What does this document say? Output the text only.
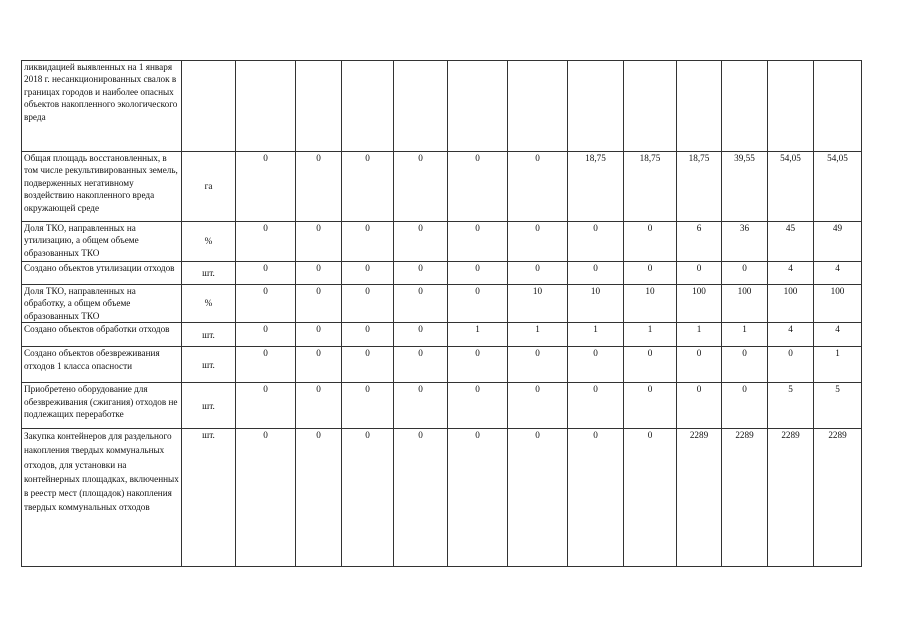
ликвидацией выявленных на 1 января 2018 г. несанкционированных свалок в границах городов и наиболее опасных объектов накопленного экологического вреда													
Общая площадь восстановленных, в том числе рекультивированных земель, подверженных негативному воздействию накопленного вреда окружающей среде	га	0	0	0	0	0	0	18,75	18,75	18,75	39,55	54,05	54,05
Доля ТКО, направленных на утилизацию, а общем объеме образованных ТКО	%	0	0	0	0	0	0	0	0	6	36	45	49
Создано объектов утилизации отходов	шт.	0	0	0	0	0	0	0	0	0	0	4	4
Доля ТКО, направленных на обработку, а общем объеме образованных ТКО	%	0	0	0	0	0	10	10	10	100	100	100	100
Создано объектов обработки отходов	шт.	0	0	0	0	1	1	1	1	1	1	4	4
Создано объектов обезвреживания отходов 1 класса опасности	шт.	0	0	0	0	0	0	0	0	0	0	0	1
Приобретено оборудование для обезвреживания (сжигания) отходов не подлежащих переработке	шт.	0	0	0	0	0	0	0	0	0	0	5	5
Закупка контейнеров для раздельного накопления твердых коммунальных отходов, для установки на контейнерных площадках, включенных в реестр мест (площадок) накопления твердых коммунальных отходов	шт.	0	0	0	0	0	0	0	0	2289	2289	2289	2289
